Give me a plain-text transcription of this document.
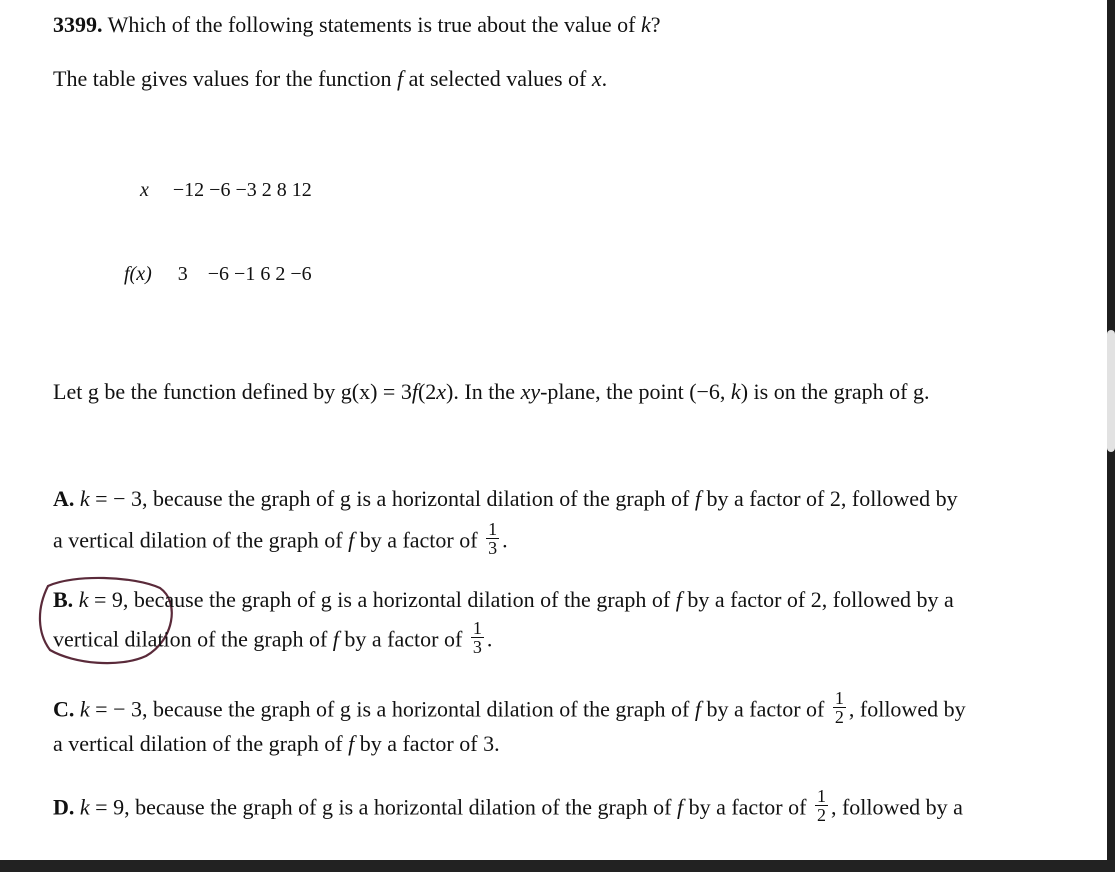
3399. Which of the following statements is true about the value of k?
The table gives values for the function f at selected values of x.
x −12 −6 −3 2 8 12
f(x) 3 −6 −1 6 2 −6
Let g be the function defined by g(x) = 3f(2x). In the xy-plane, the point (−6, k) is on the graph of g.
A. k = − 3, because the graph of g is a horizontal dilation of the graph of f by a factor of 2, followed by
a vertical dilation of the graph of f by a factor of $\frac{1}{3}$ .
B. k = 9, because the graph of g is a horizontal dilation of the graph of f by a factor of 2, followed by a
vertical dilation of the graph of f by a factor of $\frac{1}{3}$ .
C. k = − 3, because the graph of g is a horizontal dilation of the graph of f by a factor of $\frac{1}{2}$ , followed by
a vertical dilation of the graph of f by a factor of 3.
D. k = 9, because the graph of g is a horizontal dilation of the graph of f by a factor of $\frac{1}{2}$ , followed by a
